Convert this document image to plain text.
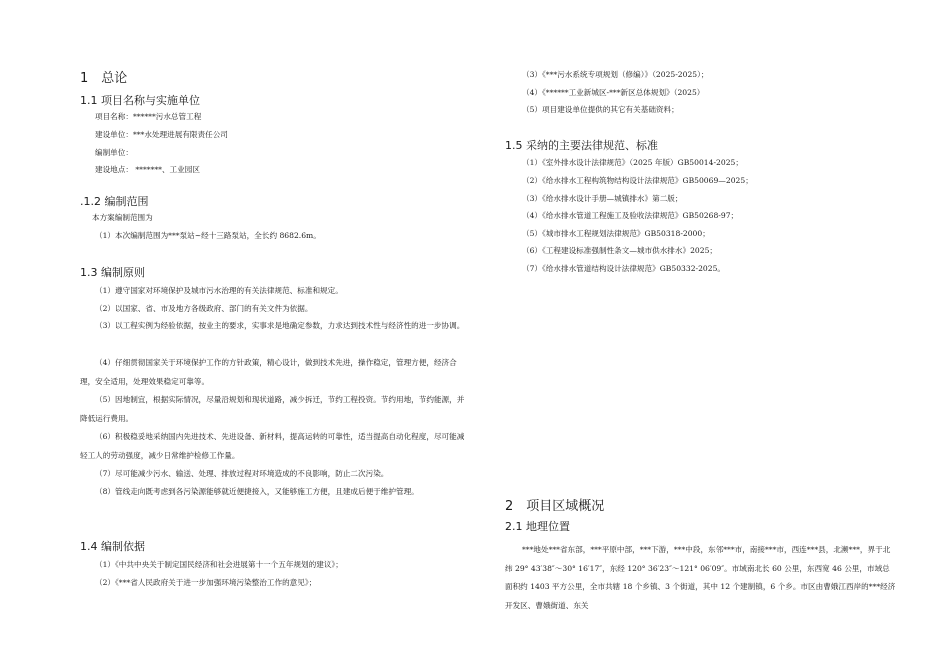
1　总论
1.1 项目名称与实施单位
项目名称：******污水总管工程
建设单位：***水处理进展有限责任公司
编制单位：
建设地点： *******、工业园区
.1.2 编制范围
本方案编制范围为
（1）本次编制范围为***泵站~经十三路泵站，全长约 8682.6m。
1.3 编制原则
（1）遵守国家对环境保护及城市污水治理的有关法律规范、标准和规定。
（2）以国家、省、市及地方各级政府、部门的有关文件为依据。
（3）以工程实例为经验依据，按业主的要求，实事求是地确定参数，力求达到技术性与经济性的进一步协调。
（4）仔细贯彻国家关于环境保护工作的方针政策，精心设计，做到技术先进，操作稳定，管理方便，经济合理，安全适用，处理效果稳定可靠等。
（5）因地制宜，根据实际情况，尽量沿规划和现状道路，减少拆迁，节约工程投资。节约用地，节约能源，并降低运行费用。
（6）积极稳妥地采纳国内先进技术、先进设备、新材料，提高运转的可靠性，适当提高自动化程度，尽可能减轻工人的劳动强度，减少日常维护检修工作量。
（7）尽可能减少污水、输送、处理、排放过程对环境造成的不良影响，防止二次污染。
（8）管线走向既考虑到各污染源能够就近便捷接入，又能够施工方便，且建成后便于维护管理。
1.4 编制依据
（1）《中共中央关于制定国民经济和社会进展第十一个五年规划的建议》；
（2）《***省人民政府关于进一步加强环境污染整治工作的意见》；
（3）《***污水系统专项规划（修编）》（2025-2025）；
（4）《******工业新城区-***新区总体规划》（2025）
（5）项目建设单位提供的其它有关基础资料；
1.5 采纳的主要法律规范、标准
（1）《室外排水设计法律规范》（2025 年版）GB50014-2025；
（2）《给水排水工程构筑物结构设计法律规范》GB50069—2025；
（3）《给水排水设计手册—城镇排水》第二版；
（4）《给水排水管道工程施工及验收法律规范》GB50268-97；
（5）《城市排水工程规划法律规范》GB50318-2000；
（6）《工程建设标准强制性条文—城市供水排水》2025；
（7）《给水排水管道结构设计法律规范》GB50332-2025。
2　项目区域概况
2.1 地理位置
***地处***省东部，***平原中部，***下游，***中段，东邻***市，南接***市，西连***县，北濒***，界于北纬 29° 43′38″～30° 16′17″，东经 120° 36′23″～121° 06′09″。市域南北长 60 公里，东西宽 46 公里，市域总面积约 1403 平方公里，全市共辖 18 个乡镇、3 个街道，其中 12 个建制镇，6 个乡。市区由曹娥江西岸的***经济开发区、曹娥街道、东关
